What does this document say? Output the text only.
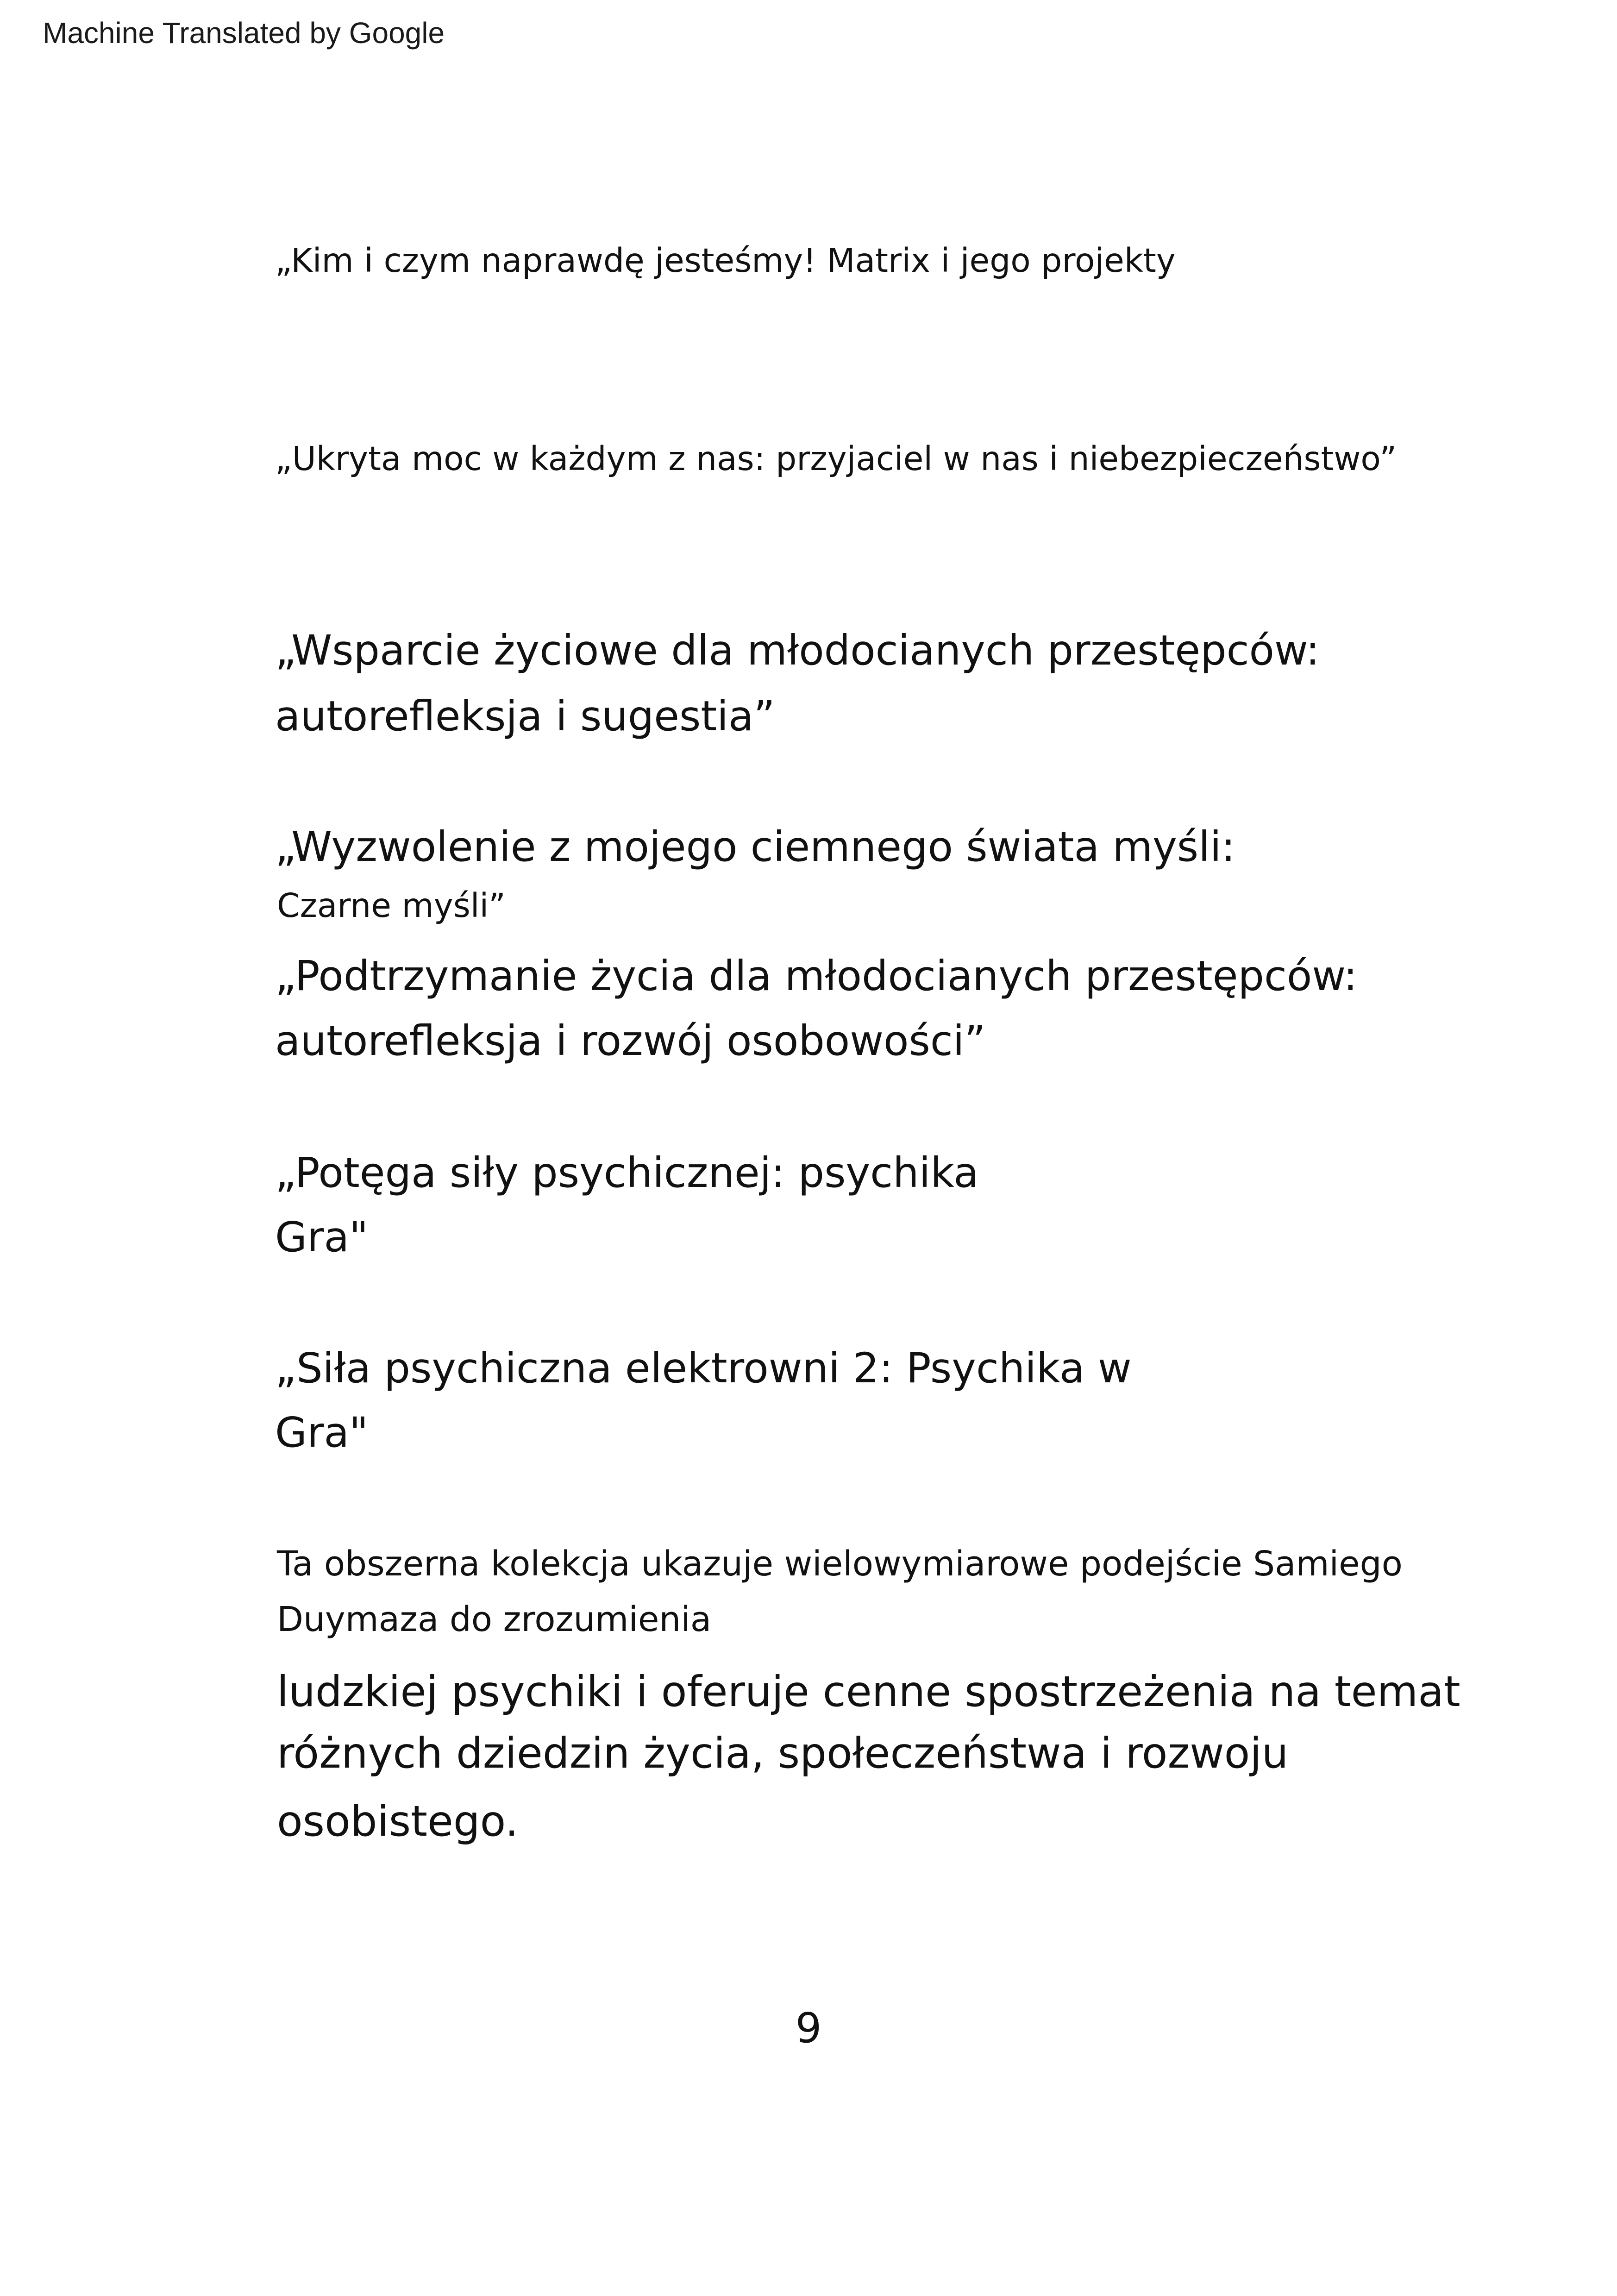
Machine Translated by Google

„Kim i czym naprawdę jesteśmy! Matrix i jego projekty

„Ukryta moc w każdym z nas: przyjaciel w nas i niebezpieczeństwo”

„Wsparcie życiowe dla młodocianych przestępców:

autorefleksja i sugestia”

„Wyzwolenie z mojego ciemnego świata myśli:

Czarne myśli”

„Podtrzymanie życia dla młodocianych przestępców:

autorefleksja i rozwój osobowości”

„Potęga siły psychicznej: psychika

Gra"

„Siła psychiczna elektrowni 2: Psychika w

Gra"

Ta obszerna kolekcja ukazuje wielowymiarowe podejście Samiego

Duymaza do zrozumienia

ludzkiej psychiki i oferuje cenne spostrzeżenia na temat

różnych dziedzin życia, społeczeństwa i rozwoju

osobistego.

9
